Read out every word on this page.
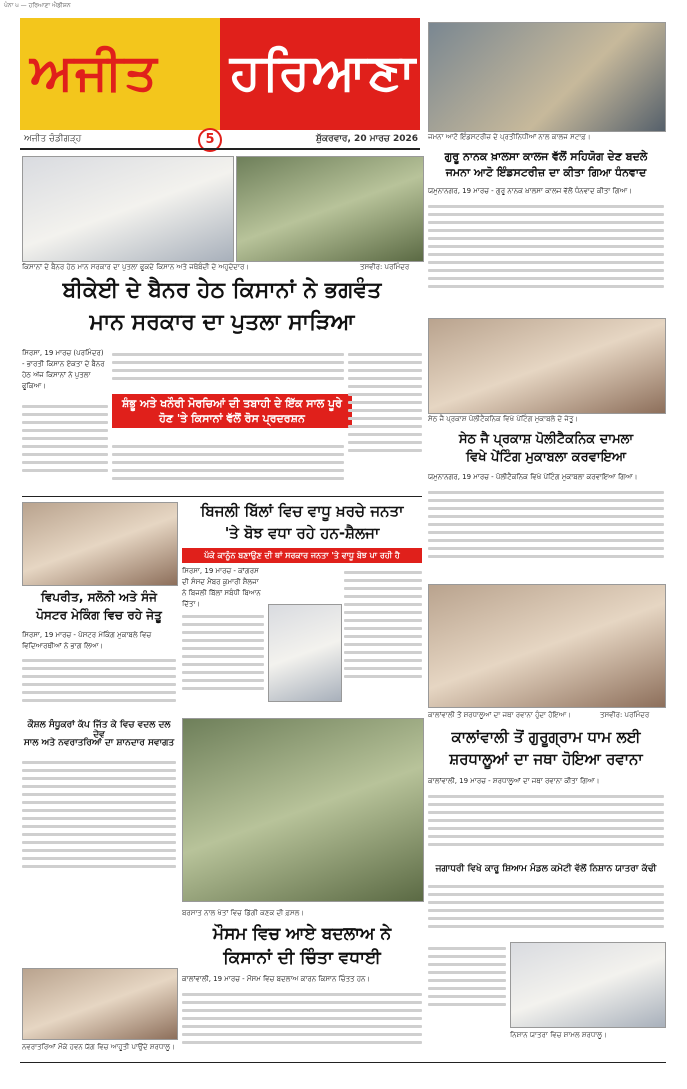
ਪੰਨਾ ੫ — ਹਰਿਆਣਾ ਐਡੀਸ਼ਨ
ਅਜੀਤ ਹਰਿਆਣਾ
5
ਅਜੀਤ ਚੰਡੀਗੜ੍ਹ	ਸ਼ੁੱਕਰਵਾਰ, 20 ਮਾਰਚ 2026 ਜਮਨਾ ਆਟੋ ਇੰਡਸਟਰੀਜ਼ ਦੇ ਪ੍ਰਤੀਨਿਧੀਆਂ ਨਾਲ ਕਾਲਜ ਸਟਾਫ਼।
ਗੁਰੂ ਨਾਨਕ ਖ਼ਾਲਸਾ ਕਾਲਜ ਵੱਲੋਂ ਸਹਿਯੋਗ ਦੇਣ ਬਦਲੇ
ਜਮਨਾ ਆਟੋ ਇੰਡਸਟਰੀਜ਼ ਦਾ ਕੀਤਾ ਗਿਆ ਧੰਨਵਾਦ
ਯਮੁਨਾਨਗਰ, 19 ਮਾਰਚ - ਗੁਰੂ ਨਾਨਕ ਖ਼ਾਲਸਾ ਕਾਲਜ ਵੱਲੋਂ ਧੰਨਵਾਦ ਕੀਤਾ ਗਿਆ।
ਕਿਸਾਨਾਂ ਦੇ ਬੈਨਰ ਹੇਠ ਮਾਨ ਸਰਕਾਰ ਦਾ ਪੁਤਲਾ ਫੂਕਦੇ ਕਿਸਾਨ ਅਤੇ ਜਥੇਬੰਦੀ ਦੇ ਅਹੁਦੇਦਾਰ।	ਤਸਵੀਰ: ਪਰਮਿੰਦਰ
ਬੀਕੇਈ ਦੇ ਬੈਨਰ ਹੇਠ ਕਿਸਾਨਾਂ ਨੇ ਭਗਵੰਤ
ਮਾਨ ਸਰਕਾਰ ਦਾ ਪੁਤਲਾ ਸਾੜਿਆ
ਸਿਰਸਾ, 19 ਮਾਰਚ (ਪਰਮਿੰਦਰ) - ਭਾਰਤੀ ਕਿਸਾਨ ਏਕਤਾ ਦੇ ਬੈਨਰ ਹੇਠ ਅੱਜ ਕਿਸਾਨਾਂ ਨੇ ਪੁਤਲਾ ਫੂਕਿਆ।
ਸ਼ੰਭੂ ਅਤੇ ਖਨੌਰੀ ਮੋਰਚਿਆਂ ਦੀ ਤਬਾਹੀ ਦੇ ਇੱਕ ਸਾਲ ਪੂਰੇ ਹੋਣ 'ਤੇ ਕਿਸਾਨਾਂ ਵੱਲੋਂ ਰੋਸ ਪ੍ਰਦਰਸ਼ਨ	ਸੇਠ ਜੈ ਪ੍ਰਕਾਸ਼ ਪੋਲੀਟੈਕਨਿਕ ਵਿਖੇ ਪੇਂਟਿੰਗ ਮੁਕਾਬਲੇ ਦੇ ਜੇਤੂ।
ਸੇਠ ਜੈ ਪ੍ਰਕਾਸ਼ ਪੋਲੀਟੈਕਨਿਕ ਦਾਮਲਾ
ਵਿਖੇ ਪੇਂਟਿੰਗ ਮੁਕਾਬਲਾ ਕਰਵਾਇਆ
ਯਮੁਨਾਨਗਰ, 19 ਮਾਰਚ - ਪੋਲੀਟੈਕਨਿਕ ਵਿਖੇ ਪੇਂਟਿੰਗ ਮੁਕਾਬਲਾ ਕਰਵਾਇਆ ਗਿਆ।
ਵਿਪਰੀਤ, ਸਲੋਨੀ ਅਤੇ ਸੰਜੇ
ਪੋਸਟਰ ਮੇਕਿੰਗ ਵਿਚ ਰਹੇ ਜੇਤੂ
ਸਿਰਸਾ, 19 ਮਾਰਚ - ਪੋਸਟਰ ਮੇਕਿੰਗ ਮੁਕਾਬਲੇ ਵਿਚ ਵਿਦਿਆਰਥੀਆਂ ਨੇ ਭਾਗ ਲਿਆ।
ਬਿਜਲੀ ਬਿੱਲਾਂ ਵਿਚ ਵਾਧੂ ਖ਼ਰਚੇ ਜਨਤਾ
'ਤੇ ਬੋਝ ਵਧਾ ਰਹੇ ਹਨ-ਸ਼ੈਲਜਾ
ਪੱਕੇ ਕਾਨੂੰਨ ਬਣਾਉਣ ਦੀ ਥਾਂ ਸਰਕਾਰ ਜਨਤਾ 'ਤੇ ਵਾਧੂ ਬੋਝ ਪਾ ਰਹੀ ਹੈ
ਸਿਰਸਾ, 19 ਮਾਰਚ - ਕਾਂਗਰਸ ਦੀ ਸੰਸਦ ਮੈਂਬਰ ਕੁਮਾਰੀ ਸ਼ੈਲਜਾ ਨੇ ਬਿਜਲੀ ਬਿੱਲਾਂ ਸਬੰਧੀ ਬਿਆਨ ਦਿੱਤਾ।
ਕੌਸ਼ਲ ਸੰਧੂਕਰਾਂ ਕੱਪ ਜਿੱਤ ਕੇ ਵਿਚ ਵਦਲ ਦਲ ਦੇਵ
ਸਾਲ ਅਤੇ ਨਵਰਾਤਰਿਆਂ ਦਾ ਸ਼ਾਨਦਾਰ ਸਵਾਗਤ
ਬਰਸਾਤ ਨਾਲ ਖੇਤਾਂ ਵਿਚ ਡਿੱਗੀ ਕਣਕ ਦੀ ਫ਼ਸਲ।
ਮੌਸਮ ਵਿਚ ਆਏ ਬਦਲਾਅ ਨੇ
ਕਿਸਾਨਾਂ ਦੀ ਚਿੰਤਾ ਵਧਾਈ
ਕਾਲਾਂਵਾਲੀ, 19 ਮਾਰਚ - ਮੌਸਮ ਵਿਚ ਬਦਲਾਅ ਕਾਰਨ ਕਿਸਾਨ ਚਿੰਤਤ ਹਨ।
ਨਵਰਾਤਰਿਆਂ ਮੌਕੇ ਹਵਨ ਯੱਗ ਵਿਚ ਆਹੂਤੀ ਪਾਉਂਦੇ ਸ਼ਰਧਾਲੂ।
ਕਾਲਾਂਵਾਲੀ ਤੋਂ ਸ਼ਰਧਾਲੂਆਂ ਦਾ ਜਥਾ ਰਵਾਨਾ ਹੁੰਦਾ ਹੋਇਆ।	ਤਸਵੀਰ: ਪਰਮਿੰਦਰ
ਕਾਲਾਂਵਾਲੀ ਤੋਂ ਗੁਰੂਗ੍ਰਾਮ ਧਾਮ ਲਈ
ਸ਼ਰਧਾਲੂਆਂ ਦਾ ਜਥਾ ਹੋਇਆ ਰਵਾਨਾ
ਕਾਲਾਂਵਾਲੀ, 19 ਮਾਰਚ - ਸ਼ਰਧਾਲੂਆਂ ਦਾ ਜਥਾ ਰਵਾਨਾ ਕੀਤਾ ਗਿਆ।
ਜਗਾਧਰੀ ਵਿਖੇ ਕਾਰੂ ਸ਼ਿਆਮ ਮੰਡਲ ਕਮੇਟੀ ਵੱਲੋਂ ਨਿਸ਼ਾਨ ਯਾਤਰਾ ਕੱਢੀ
ਨਿਸ਼ਾਨ ਯਾਤਰਾ ਵਿਚ ਸ਼ਾਮਲ ਸ਼ਰਧਾਲੂ।
